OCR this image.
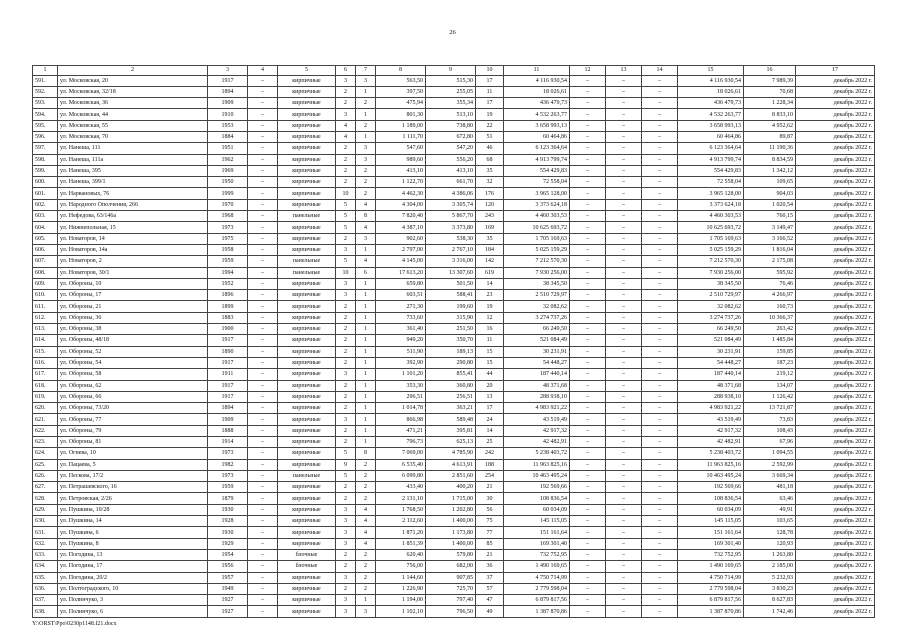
26
1	2	3	4	5	6	7	8	9	10	11	12	13	14	15	16	17
591.	ул. Московская, 20	1917	–	кирпичные	3	3	563,50	515,30	17	4 116 930,54	–	–	–	4 116 930,54	7 989,39	декабрь 2022 г.
592.	ул. Московская, 32/18	1894	–	кирпичные	2	1	397,50	255,05	11	18 026,61	–	–	–	18 026,61	70,68	декабрь 2022 г.
593.	ул. Московская, 36	1909	–	кирпичные	2	2	475,94	355,34	17	436 479,73	–	–	–	436 479,73	1 228,34	декабрь 2022 г.
594.	ул. Московская, 44	1910	–	кирпичные	3	1	801,30	513,10	19	4 532 263,77	–	–	–	4 532 263,77	8 833,10	декабрь 2022 г.
595.	ул. Московская, 55	1953	–	кирпичные	4	2	1 189,00	738,80	22	3 658 993,13	–	–	–	3 658 993,13	4 952,62	декабрь 2022 г.
596.	ул. Московская, 70	1884	–	кирпичные	4	1	1 111,70	672,80	51	60 464,86	–	–	–	60 464,86	89,87	декабрь 2022 г.
597.	ул. Нанеша, 111	1951	–	кирпичные	2	3	547,60	547,20	46	6 123 364,64	–	–	–	6 123 364,64	11 190,36	декабрь 2022 г.
598.	ул. Нанеша, 111а	1962	–	кирпичные	2	3	989,60	556,20	68	4 913 799,74	–	–	–	4 913 799,74	8 834,59	декабрь 2022 г.
599.	ул. Нанеша, 395	1969	–	кирпичные	2	2	413,10	413,10	35	554 429,83	–	–	–	554 429,83	1 342,12	декабрь 2022 г.
600.	ул. Нанеша, 399/1	1950	–	кирпичные	2	2	1 122,70	661,70	32	72 558,04	–	–	–	72 558,04	109,65	декабрь 2022 г.
601.	ул. Нарвановых, 76	1999	–	кирпичные	10	2	4 462,30	4 386,06	176	3 965 128,00	–	–	–	3 965 128,00	904,03	декабрь 2022 г.
602.	ул. Народного Ополчения, 266	1970	–	кирпичные	5	4	4 304,00	3 305,74	120	3 373 624,18	–	–	–	3 373 624,18	1 020,54	декабрь 2022 г.
603.	ул. Нефедова, 63/146а	1968	–	панельные	5	8	7 820,40	5 867,70	243	4 460 303,53	–	–	–	4 460 303,53	760,15	декабрь 2022 г.
604.	ул. Нижнепольная, 15	1973	–	кирпичные	5	4	4 387,10	3 373,80	169	10 625 693,72	–	–	–	10 625 693,72	3 149,47	декабрь 2022 г.
605.	ул. Новаторов, 14	1975	–	кирпичные	2	3	902,60	538,30	35	1 705 169,63	–	–	–	1 705 169,63	3 166,52	декабрь 2022 г.
606.	ул. Новаторов, 14а	1958	–	кирпичные	3	1	2 797,00	2 767,10	184	5 025 159,29	–	–	–	5 025 159,29	1 816,04	декабрь 2022 г.
607.	ул. Новаторов, 2	1959	–	панельные	5	4	4 145,00	3 316,00	142	7 212 570,30	–	–	–	7 212 570,30	2 175,08	декабрь 2022 г.
608.	ул. Новаторов, 30/1	1994	–	панельные	10	6	17 613,20	13 307,60	619	7 930 256,00	–	–	–	7 930 256,00	595,92	декабрь 2022 г.
609.	ул. Обороны, 10	1952	–	кирпичные	3	1	659,80	501,50	14	38 345,50	–	–	–	38 345,50	76,46	декабрь 2022 г.
610.	ул. Обороны, 17	1896	–	кирпичные	3	1	603,51	588,41	23	2 510 729,97	–	–	–	2 510 729,97	4 266,97	декабрь 2022 г.
611.	ул. Обороны, 21	1899	–	кирпичные	2	1	271,30	199,60	19	32 082,62	–	–	–	32 082,62	160,73	декабрь 2022 г.
612.	ул. Обороны, 36	1883	–	кирпичные	2	1	733,60	315,90	12	3 274 737,26	–	–	–	3 274 737,26	10 366,37	декабрь 2022 г.
613.	ул. Обороны, 38	1900	–	кирпичные	2	1	361,40	251,50	16	66 249,50	–	–	–	66 249,50	263,42	декабрь 2022 г.
614.	ул. Обороны, 48/18	1917	–	кирпичные	2	1	949,20	350,70	11	521 084,49	–	–	–	521 084,49	1 485,84	декабрь 2022 г.
615.	ул. Обороны, 52	1890	–	кирпичные	2	1	511,90	189,13	15	30 231,91	–	–	–	30 231,91	159,85	декабрь 2022 г.
616.	ул. Обороны, 54	1917	–	кирпичные	2	1	392,90	290,80	15	54 448,27	–	–	–	54 448,27	187,23	декабрь 2022 г.
617.	ул. Обороны, 58	1911	–	кирпичные	3	1	1 101,20	855,41	44	187 440,14	–	–	–	187 440,14	219,12	декабрь 2022 г.
618.	ул. Обороны, 62	1917	–	кирпичные	2	1	353,30	360,80	20	48 371,68	–	–	–	48 371,68	134,07	декабрь 2022 г.
619.	ул. Обороны, 66	1917	–	кирпичные	2	1	296,51	256,51	13	288 938,10	–	–	–	288 938,10	1 126,42	декабрь 2022 г.
620.	ул. Обороны, 73/20	1894	–	кирпичные	2	1	1 014,78	363,21	17	4 983 921,22	–	–	–	4 983 921,22	13 721,87	декабрь 2022 г.
621.	ул. Обороны, 77	1909	–	кирпичные	3	1	866,98	589,48	24	43 519,49	–	–	–	43 519,49	73,83	декабрь 2022 г.
622.	ул. Обороны, 79	1888	–	кирпичные	2	1	471,21	395,81	14	42 917,32	–	–	–	42 917,32	108,43	декабрь 2022 г.
623.	ул. Обороны, 81	1914	–	кирпичные	2	1	796,73	625,13	25	42 482,91	–	–	–	42 482,91	67,96	декабрь 2022 г.
624.	ул. Огнева, 10	1973	–	кирпичные	5	8	7 069,00	4 785,90	242	5 238 403,72	–	–	–	5 238 403,72	1 094,55	декабрь 2022 г.
625.	ул. Пацаева, 5	1982	–	кирпичные	9	2	6 535,40	4 613,91	188	11 963 825,16	–	–	–	11 963 825,16	2 592,99	декабрь 2022 г.
626.	ул. Пескова, 17/2	1973	–	панельные	5	2	6 099,80	2 851,60	254	10 463 495,24	–	–	–	10 463 495,24	3 669,34	декабрь 2022 г.
627.	ул. Петрашевского, 16	1959	–	кирпичные	2	2	433,40	400,20	21	192 569,66	–	–	–	192 569,66	481,18	декабрь 2022 г.
628.	ул. Петровская, 2/26	1879	–	кирпичные	2	2	2 131,10	1 715,00	30	108 836,54	–	–	–	108 836,54	63,46	декабрь 2022 г.
629.	ул. Пушкина, 10/28	1930	–	кирпичные	3	4	1 768,50	1 202,80	56	60 034,09	–	–	–	60 034,09	49,91	декабрь 2022 г.
630.	ул. Пушкина, 14	1928	–	кирпичные	3	4	2 112,60	1 400,00	75	145 115,05	–	–	–	145 115,05	103,65	декабрь 2022 г.
631.	ул. Пушкина, 6	1930	–	кирпичные	3	4	1 871,20	1 173,80	77	151 161,64	–	–	–	151 161,64	128,78	декабрь 2022 г.
632.	ул. Пушкина, 8	1929	–	кирпичные	3	4	1 851,39	1 400,00	85	169 301,40	–	–	–	169 301,40	120,93	декабрь 2022 г.
633.	ул. Погодина, 13	1954	–	блочные	2	2	620,40	579,80	21	732 752,95	–	–	–	732 752,95	1 263,80	декабрь 2022 г.
634.	ул. Погодина, 17	1956	–	блочные	2	2	756,00	682,00	36	1 490 169,65	–	–	–	1 490 169,65	2 185,00	декабрь 2022 г.
635.	ул. Погодина, 20/2	1957	–	кирпичные	3	2	1 144,60	907,85	37	4 750 714,99	–	–	–	4 750 714,99	5 232,93	декабрь 2022 г.
636.	ул. Полтоградского, 10	1949	–	кирпичные	2	2	1 226,90	725,70	57	2 779 598,04	–	–	–	2 779 598,04	3 830,23	декабрь 2022 г.
637.	ул. Полинчуко, 3	1927	–	кирпичные	3	1	1 194,00	797,40	47	6 879 817,56	–	–	–	6 879 817,56	8 627,83	декабрь 2022 г.
638.	ул. Полинчуко, 6	1927	–	кирпичные	3	3	1 102,10	796,50	49	1 387 870,86	–	–	–	1 387 870,86	1 742,46	декабрь 2022 г.
Y:\ORST\Ppo\0230p1148.f21.docx
